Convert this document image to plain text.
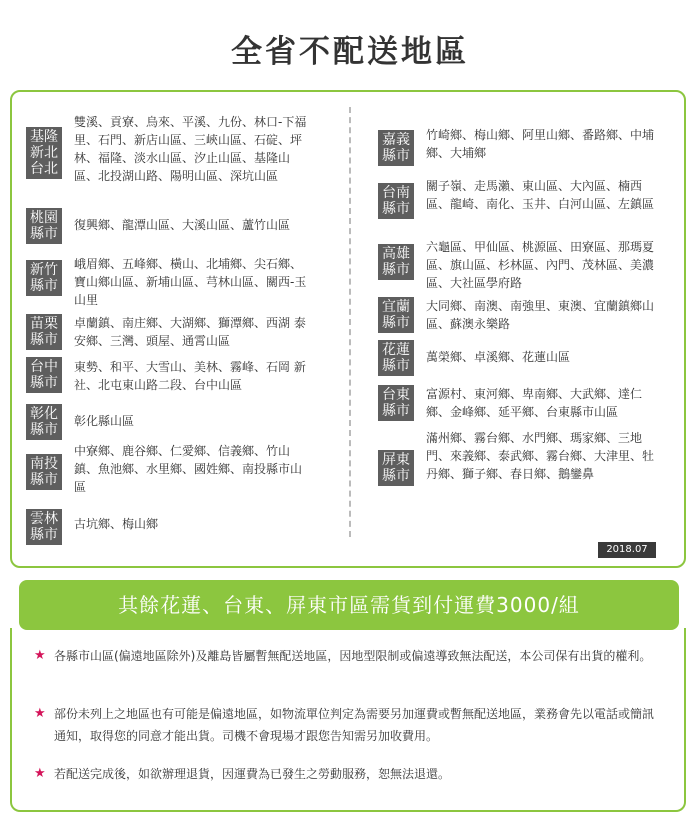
全省不配送地區
基隆
新北
台北
雙溪、貢寮、烏來、平溪、九份、林口-下福里、石門、新店山區、三峽山區、石碇、坪林、福隆、淡水山區、汐止山區、基隆山區、北投湖山路、陽明山區、深坑山區
桃園
縣市
復興鄉、龍潭山區、大溪山區、蘆竹山區
新竹
縣市
峨眉鄉、五峰鄉、橫山、北埔鄉、尖石鄉、寶山鄉山區、新埔山區、芎林山區、關西-玉山里
苗栗
縣市
卓蘭鎮、南庄鄉、大湖鄉、獅潭鄉、西湖 泰安鄉、三灣、頭屋、通霄山區
台中
縣市
東勢、和平、大雪山、美林、霧峰、石岡 新社、北屯東山路二段、台中山區
彰化
縣市
彰化縣山區
南投
縣市
中寮鄉、鹿谷鄉、仁愛鄉、信義鄉、竹山鎮、魚池鄉、水里鄉、國姓鄉、南投縣市山區
雲林
縣市
古坑鄉、梅山鄉
嘉義
縣市
竹崎鄉、梅山鄉、阿里山鄉、番路鄉、中埔鄉、大埔鄉
台南
縣市
關子嶺、走馬瀨、東山區、大內區、楠西區、龍崎、南化、玉井、白河山區、左鎮區
高雄
縣市
六龜區、甲仙區、桃源區、田寮區、那瑪夏區、旗山區、杉林區、內門、茂林區、美濃區、大社區學府路
宜蘭
縣市
大同鄉、南澳、南強里、東澳、宜蘭鎮鄉山區、蘇澳永樂路
花蓮
縣市
萬榮鄉、卓溪鄉、花蓮山區
台東
縣市
富源村、東河鄉、卑南鄉、大武鄉、達仁鄉、金峰鄉、延平鄉、台東縣市山區
屏東
縣市
滿州鄉、霧台鄉、水門鄉、瑪家鄉、三地門、來義鄉、泰武鄉、霧台鄉、大津里、牡丹鄉、獅子鄉、春日鄉、鵝鑾鼻
2018.07
其餘花蓮、台東、屏東市區需貨到付運費3000/組
★ 各縣市山區(偏遠地區除外)及離島皆屬暫無配送地區，因地型限制或偏遠導致無法配送，本公司保有出貨的權利。
★ 部份未列上之地區也有可能是偏遠地區，如物流單位判定為需要另加運費或暫無配送地區，業務會先以電話或簡訊通知，取得您的同意才能出貨。司機不會現場才跟您告知需另加收費用。
★ 若配送完成後，如欲辦理退貨，因運費為已發生之勞動服務，恕無法退還。
